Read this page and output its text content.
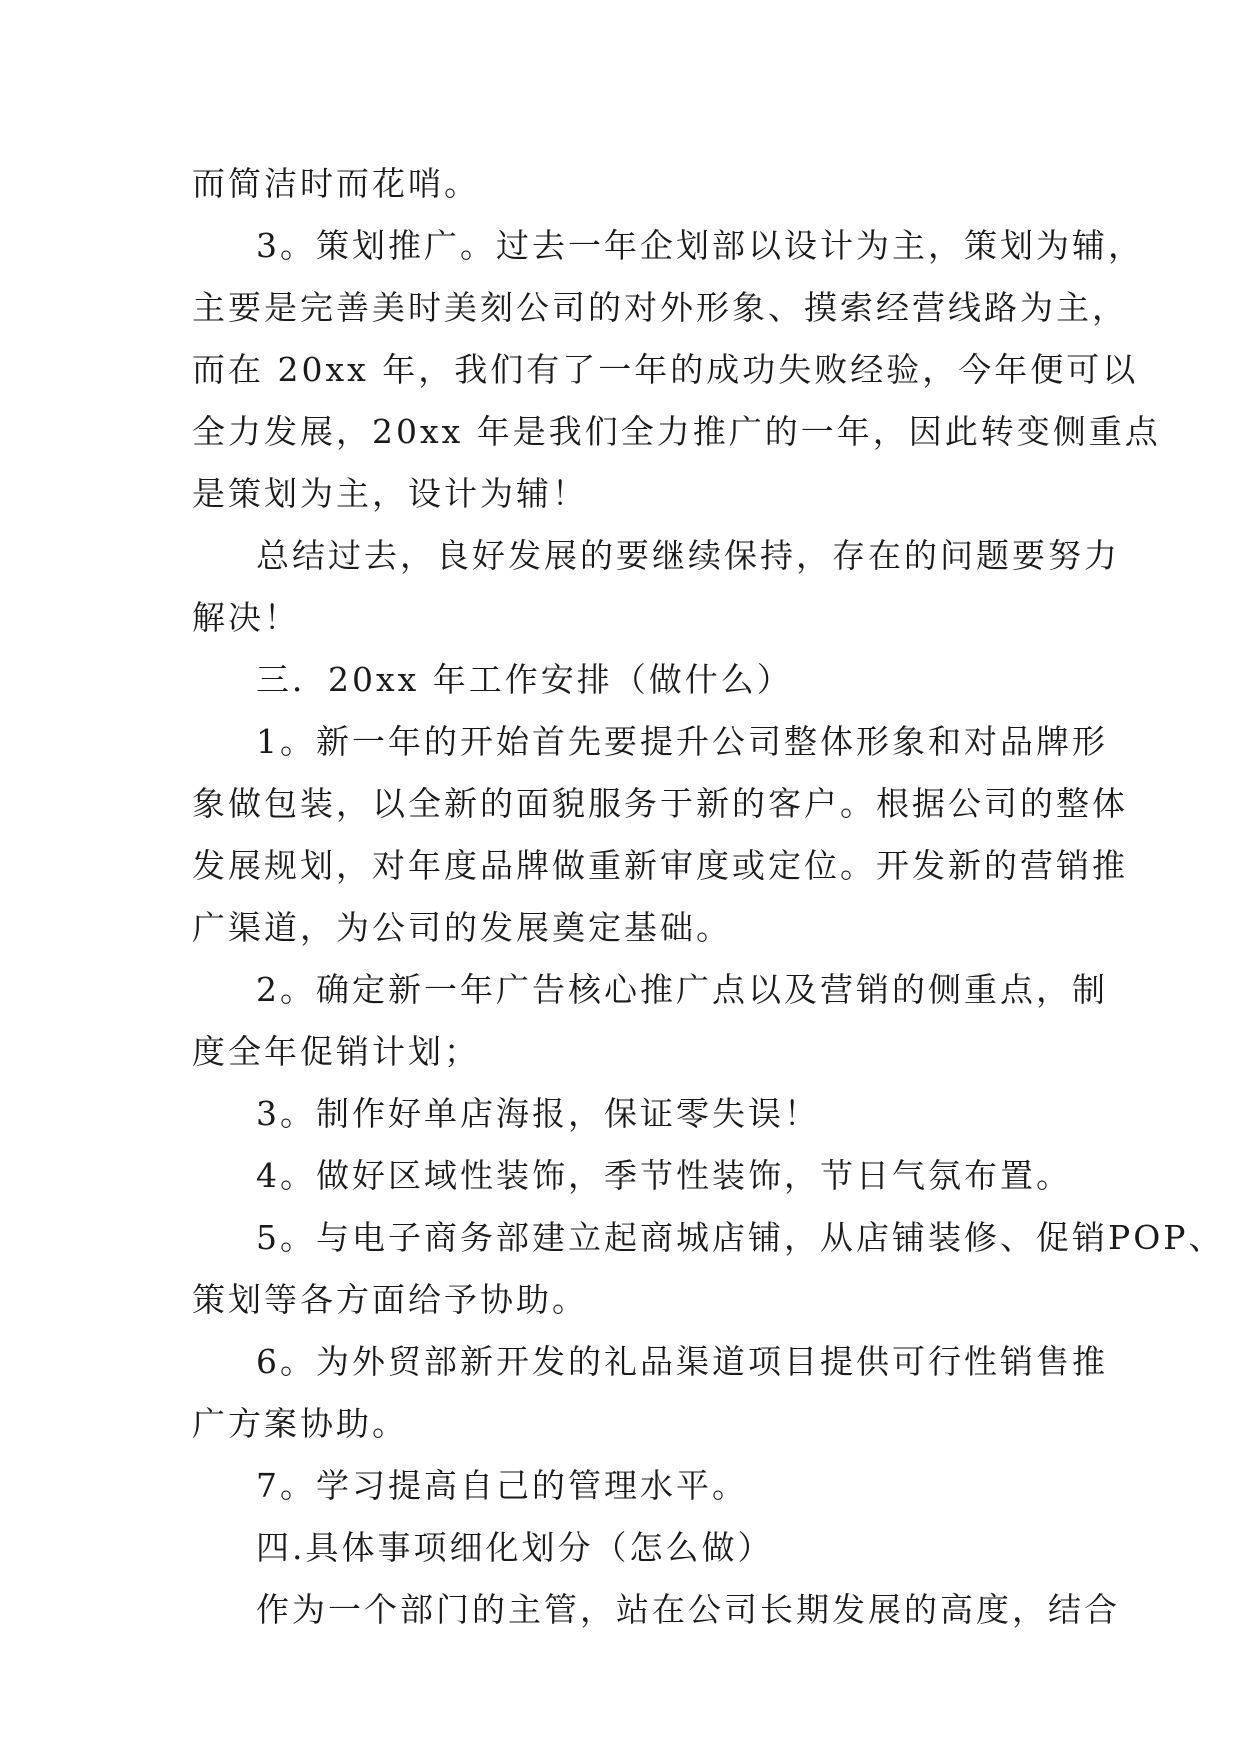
而简洁时而花哨。
3。策划推广。过去一年企划部以设计为主，策划为辅，
主要是完善美时美刻公司的对外形象、摸索经营线路为主，
而在 20xx 年，我们有了一年的成功失败经验，今年便可以
全力发展，20xx 年是我们全力推广的一年，因此转变侧重点
是策划为主，设计为辅！
总结过去，良好发展的要继续保持，存在的问题要努力
解决！
三．20xx 年工作安排（做什么）
1。新一年的开始首先要提升公司整体形象和对品牌形
象做包装，以全新的面貌服务于新的客户。根据公司的整体
发展规划，对年度品牌做重新审度或定位。开发新的营销推
广渠道，为公司的发展奠定基础。
2。确定新一年广告核心推广点以及营销的侧重点，制
度全年促销计划；
3。制作好单店海报，保证零失误！
4。做好区域性装饰，季节性装饰，节日气氛布置。
5。与电子商务部建立起商城店铺，从店铺装修、促销POP、
策划等各方面给予协助。
6。为外贸部新开发的礼品渠道项目提供可行性销售推
广方案协助。
7。学习提高自己的管理水平。
四.具体事项细化划分（怎么做）
作为一个部门的主管，站在公司长期发展的高度，结合
